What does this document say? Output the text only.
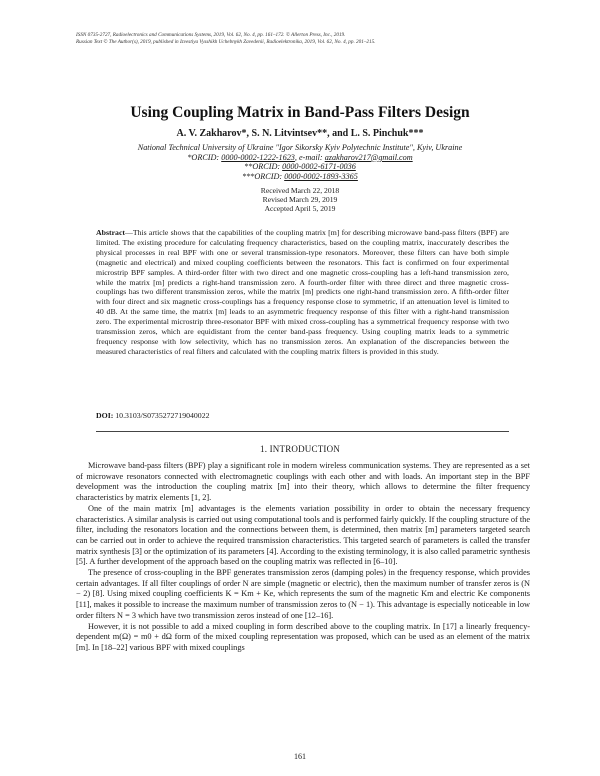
ISSN 0735-2727, Radioelectronics and Communications Systems, 2019, Vol. 62, No. 4, pp. 161–172. © Allerton Press, Inc., 2019.

Russian Text © The Author(s), 2019, published in Izvestiya Vysshikh Uchebnykh Zavedenii, Radioelektronika, 2019, Vol. 62, No. 4, pp. 201–215.

Using Coupling Matrix in Band-Pass Filters Design
A. V. Zakharov*, S. N. Litvintsev**, and L. S. Pinchuk***

National Technical University of Ukraine "Igor Sikorsky Kyiv Polytechnic Institute", Kyiv, Ukraine

*ORCID: 0000-0002-1222-1623, e-mail: azakharov217@gmail.com

**ORCID: 0000-0002-6171-0036

***ORCID: 0000-0002-1893-3365

Received March 22, 2018

Revised March 29, 2019

Accepted April 5, 2019

Abstract—This article shows that the capabilities of the coupling matrix [m] for describing microwave band-pass filters (BPF) are limited. The existing procedure for calculating frequency characteristics, based on the coupling matrix, inaccurately describes the physical processes in real BPF with one or several transmission-type resonators. Moreover, these filters can have both simple (magnetic and electrical) and mixed coupling coefficients between the resonators. This fact is confirmed on four experimental microstrip BPF samples. A third-order filter with two direct and one magnetic cross-coupling has a left-hand transmission zero, while the matrix [m] predicts a right-hand transmission zero. A fourth-order filter with three direct and three magnetic cross-couplings has two different transmission zeros, while the matrix [m] predicts one right-hand transmission zero. A fifth-order filter with four direct and six magnetic cross-couplings has a frequency response close to symmetric, if an attenuation level is limited to 40 dB. At the same time, the matrix [m] leads to an asymmetric frequency response of this filter with a right-hand transmission zero. The experimental microstrip three-resonator BPF with mixed cross-coupling has a symmetrical frequency response with two transmission zeros, which are equidistant from the center band-pass frequency. Using coupling matrix leads to a symmetric frequency response with low selectivity, which has no transmission zeros. An explanation of the discrepancies between the measured characteristics of real filters and calculated with the coupling matrix filters is provided in this study.

DOI: 10.3103/S0735272719040022
1. INTRODUCTION

Microwave band-pass filters (BPF) play a significant role in modern wireless communication systems. They are represented as a set of microwave resonators connected with electromagnetic couplings with each other and with loads. An important step in the BPF development was the introduction the coupling matrix [m] into their theory, which allows to determine the filter frequency characteristics by matrix elements [1, 2].

One of the main matrix [m] advantages is the elements variation possibility in order to obtain the necessary frequency characteristics. A similar analysis is carried out using computational tools and is performed fairly quickly. If the coupling structure of the filter, including the resonators location and the connections between them, is determined, then matrix [m] parameters targeted search can be carried out in order to achieve the required transmission characteristics. This targeted search of parameters is called the transfer matrix synthesis [3] or the optimization of its parameters [4]. According to the existing terminology, it is also called parametric synthesis [5]. A further development of the approach based on the coupling matrix was reflected in [6–10].

The presence of cross-coupling in the BPF generates transmission zeros (damping poles) in the frequency response, which provides certain advantages. If all filter couplings of order N are simple (magnetic or electric), then the maximum number of transfer zeros is (N − 2) [8]. Using mixed coupling coefficients K = Km + Ke, which represents the sum of the magnetic Km and electric Ke components [11], makes it possible to increase the maximum number of transmission zeros to (N − 1). This advantage is especially noticeable in low order filters N = 3 which have two transmission zeros instead of one [12–16].

However, it is not possible to add a mixed coupling in form described above to the coupling matrix. In [17] a linearly frequency-dependent m(Ω) = m0 + dΩ form of the mixed coupling representation was proposed, which can be used as an element of the matrix [m]. In [18–22] various BPF with mixed couplings

161
